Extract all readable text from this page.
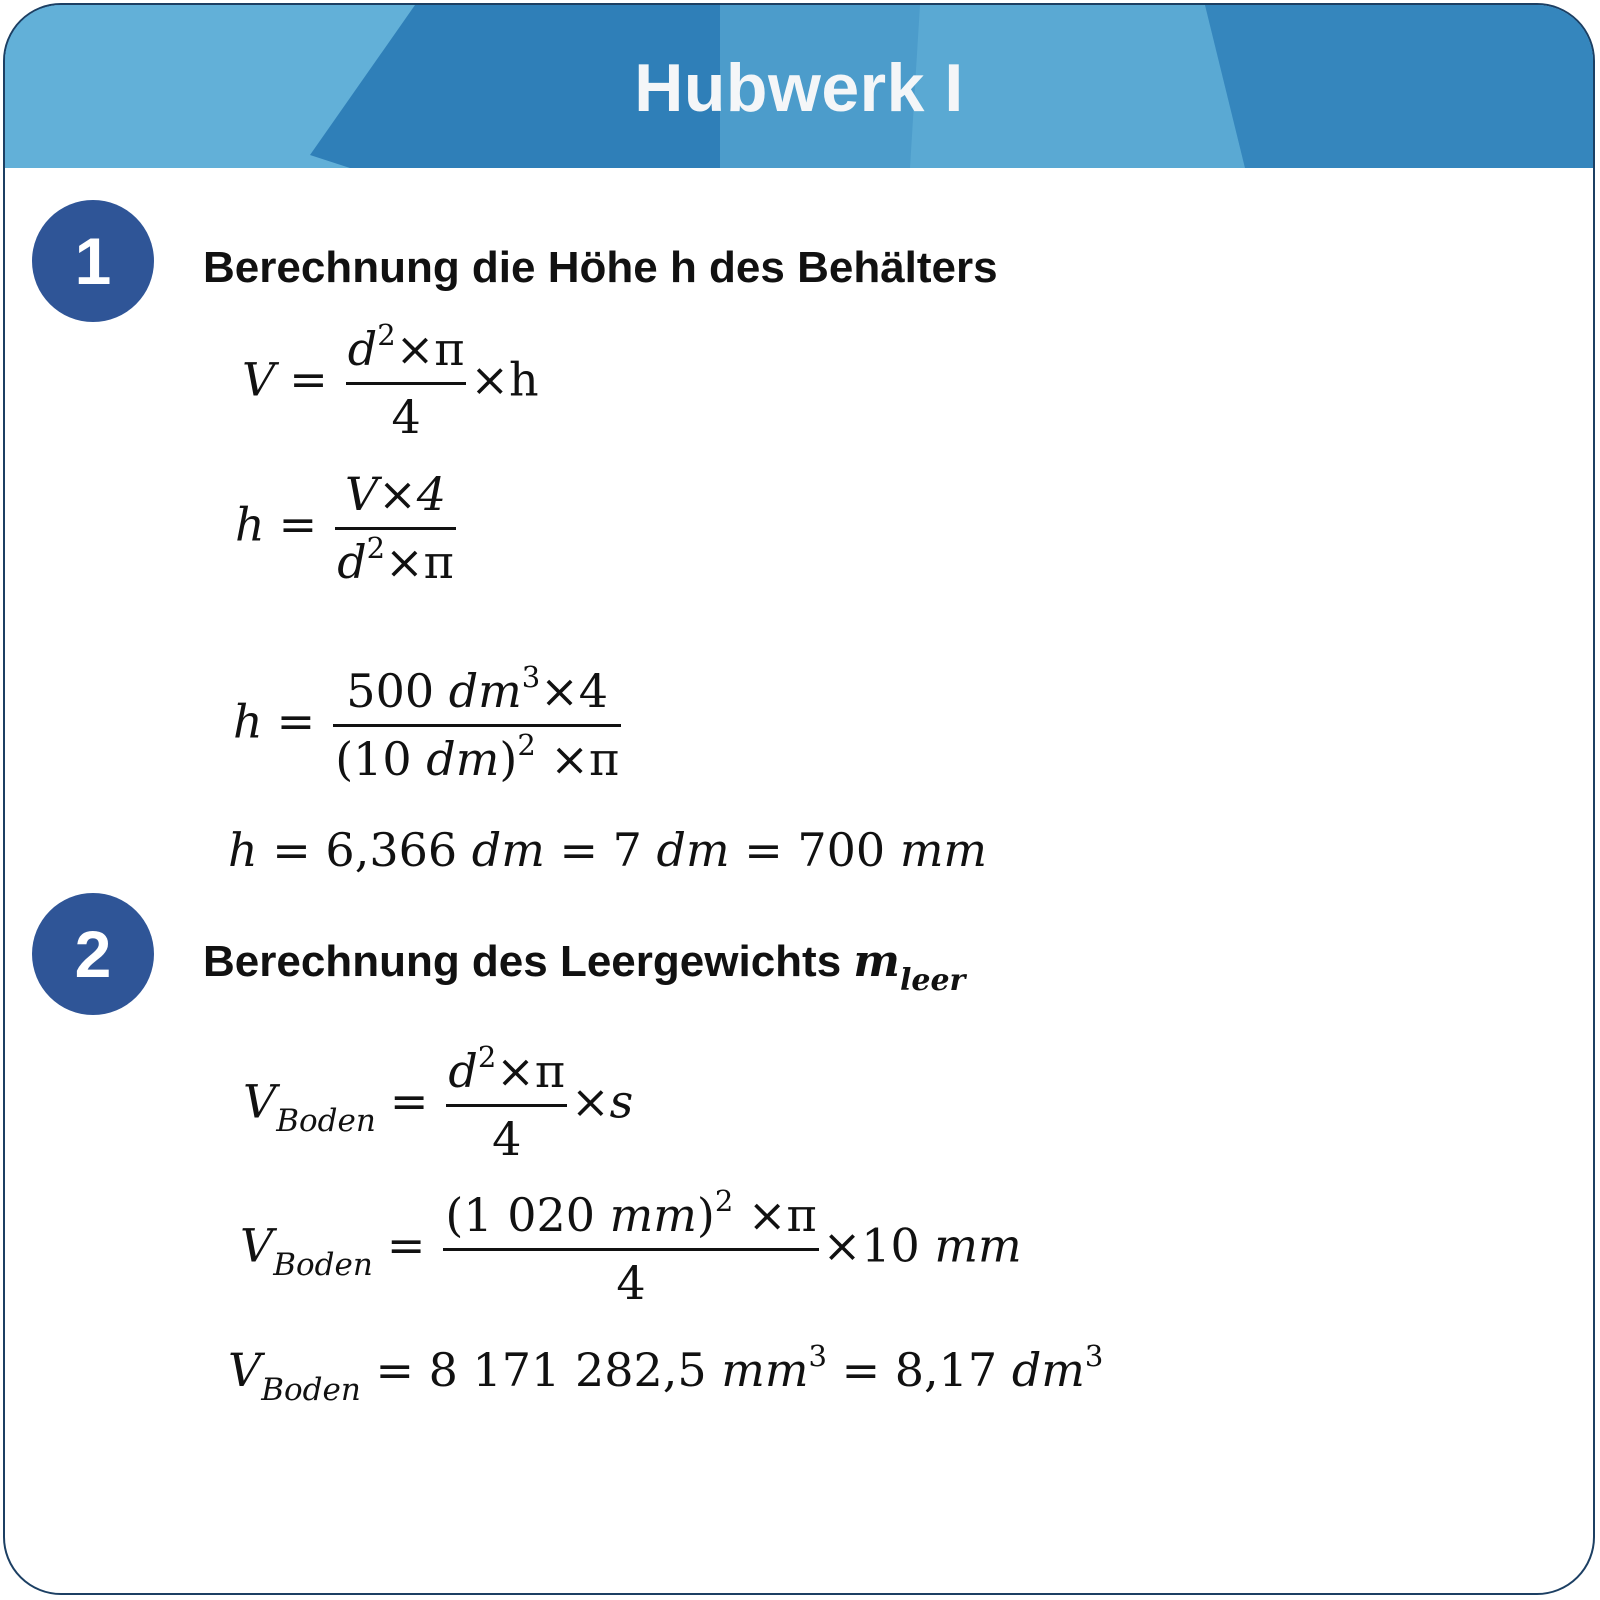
Hubwerk I
1	Berechnung die Höhe h des Behälters
$V = \frac{d^2\times\pi}{4} \times h$
$h = \frac{V\times 4}{d^2\times\pi}$
$h = \frac{500 dm^3\times 4}{(10 dm)^2 \times\pi}$
h = 6,366 dm = 7 dm = 700 mm
2	Berechnung des Leergewichts $m_{leer}$
$V_{Boden} = \frac{d^2\times\pi}{4} \times s$
$V_{Boden} = \frac{(1 020 mm)^2 \times\pi}{4} \times 10$ mm
$V_{Boden} = 8$ 171 282,5 $mm^3 = 8,17$ $dm^3$
